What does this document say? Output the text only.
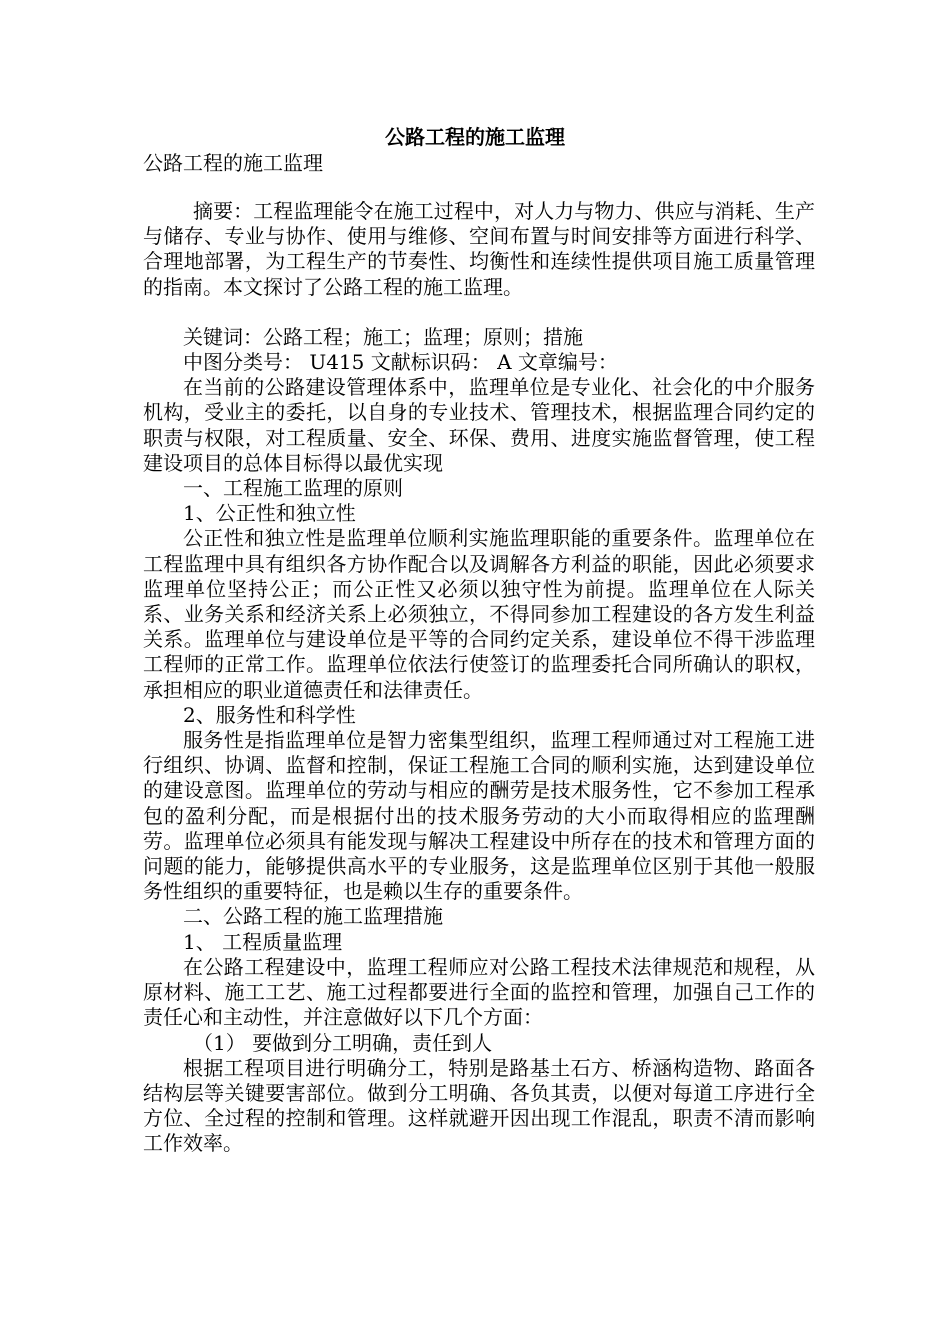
公路工程的施工监理
公路工程的施工监理

摘要：工程监理能令在施工过程中，对人力与物力、供应与消耗、生产与储存、专业与协作、使用与维修、空间布置与时间安排等方面进行科学、合理地部署，为工程生产的节奏性、均衡性和连续性提供项目施工质量管理的指南。本文探讨了公路工程的施工监理。

关键词：公路工程；施工；监理；原则；措施

中图分类号： U415 文献标识码： A 文章编号：

在当前的公路建设管理体系中，监理单位是专业化、社会化的中介服务机构，受业主的委托，以自身的专业技术、管理技术，根据监理合同约定的职责与权限，对工程质量、安全、环保、费用、进度实施监督管理，使工程建设项目的总体目标得以最优实现

一、工程施工监理的原则

1、公正性和独立性

公正性和独立性是监理单位顺利实施监理职能的重要条件。监理单位在工程监理中具有组织各方协作配合以及调解各方利益的职能，因此必须要求监理单位坚持公正；而公正性又必须以独守性为前提。监理单位在人际关系、业务关系和经济关系上必须独立，不得同参加工程建设的各方发生利益关系。监理单位与建设单位是平等的合同约定关系，建设单位不得干涉监理工程师的正常工作。监理单位依法行使签订的监理委托合同所确认的职权，承担相应的职业道德责任和法律责任。

2、服务性和科学性

服务性是指监理单位是智力密集型组织，监理工程师通过对工程施工进行组织、协调、监督和控制，保证工程施工合同的顺利实施，达到建设单位的建设意图。监理单位的劳动与相应的酬劳是技术服务性，它不参加工程承包的盈利分配，而是根据付出的技术服务劳动的大小而取得相应的监理酬劳。监理单位必须具有能发现与解决工程建设中所存在的技术和管理方面的问题的能力，能够提供高水平的专业服务，这是监理单位区别于其他一般服务性组织的重要特征，也是赖以生存的重要条件。

二、公路工程的施工监理措施

1、 工程质量监理

在公路工程建设中，监理工程师应对公路工程技术法律规范和规程，从原材料、施工工艺、施工过程都要进行全面的监控和管理，加强自己工作的责任心和主动性，并注意做好以下几个方面：

（1） 要做到分工明确，责任到人

根据工程项目进行明确分工，特别是路基土石方、桥涵构造物、路面各结构层等关键要害部位。做到分工明确、各负其责，以便对每道工序进行全方位、全过程的控制和管理。这样就避开因出现工作混乱，职责不清而影响工作效率。
